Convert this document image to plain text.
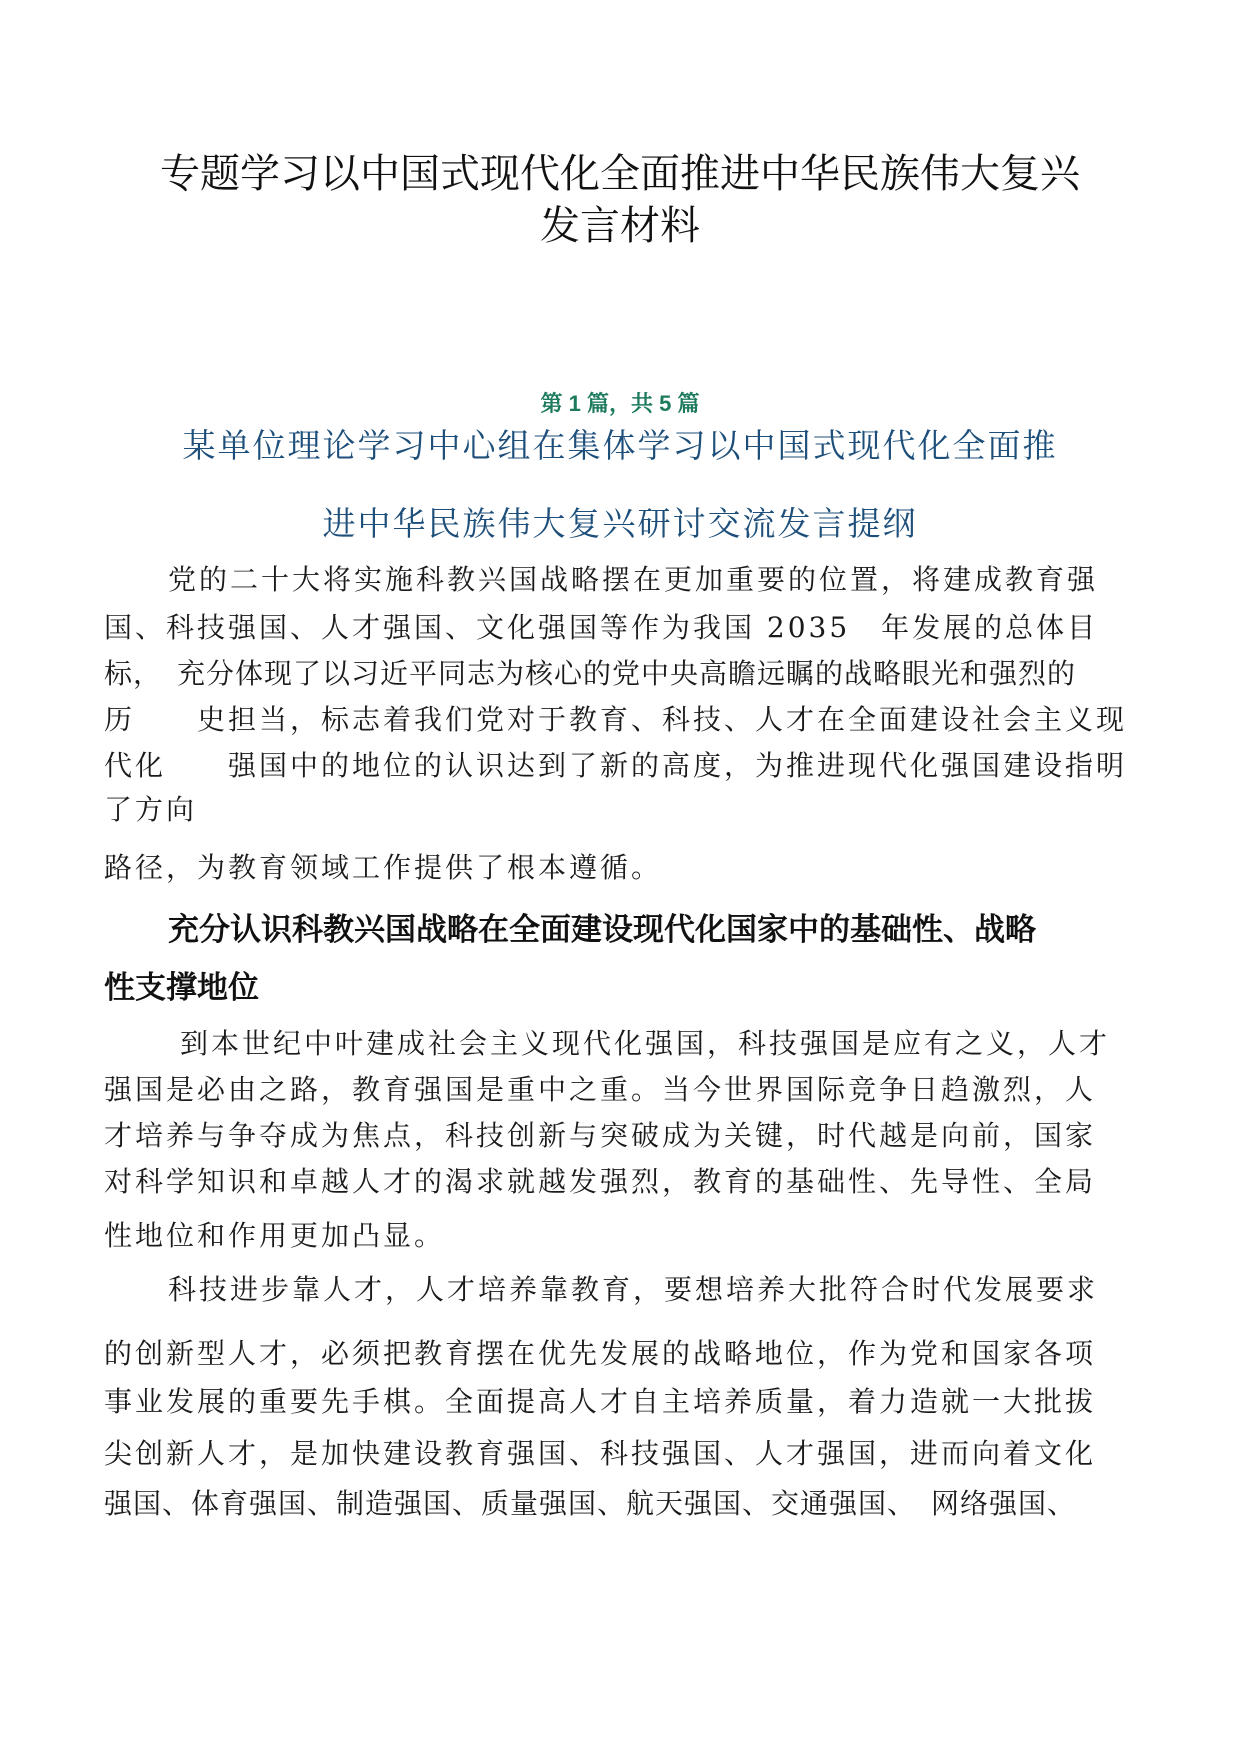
专题学习以中国式现代化全面推进中华民族伟大复兴
发言材料
第 1 篇，共 5 篇
某单位理论学习中心组在集体学习以中国式现代化全面推
进中华民族伟大复兴研讨交流发言提纲
党的二十大将实施科教兴国战略摆在更加重要的位置，将建成教育强
国、科技强国、人才强国、文化强国等作为我国 2035　年发展的总体目
标，　充分体现了以习近平同志为核心的党中央高瞻远瞩的战略眼光和强烈的
历　　史担当，标志着我们党对于教育、科技、人才在全面建设社会主义现
代化　　强国中的地位的认识达到了新的高度，为推进现代化强国建设指明
了方向
路径，为教育领域工作提供了根本遵循。
充分认识科教兴国战略在全面建设现代化国家中的基础性、战略
性支撑地位
到本世纪中叶建成社会主义现代化强国，科技强国是应有之义，人才
强国是必由之路，教育强国是重中之重。当今世界国际竞争日趋激烈，人
才培养与争夺成为焦点，科技创新与突破成为关键，时代越是向前，国家
对科学知识和卓越人才的渴求就越发强烈，教育的基础性、先导性、全局
性地位和作用更加凸显。
科技进步靠人才，人才培养靠教育，要想培养大批符合时代发展要求
的创新型人才，必须把教育摆在优先发展的战略地位，作为党和国家各项
事业发展的重要先手棋。全面提高人才自主培养质量，着力造就一大批拔
尖创新人才，是加快建设教育强国、科技强国、人才强国，进而向着文化
强国、体育强国、制造强国、质量强国、航天强国、交通强国、　网络强国、
